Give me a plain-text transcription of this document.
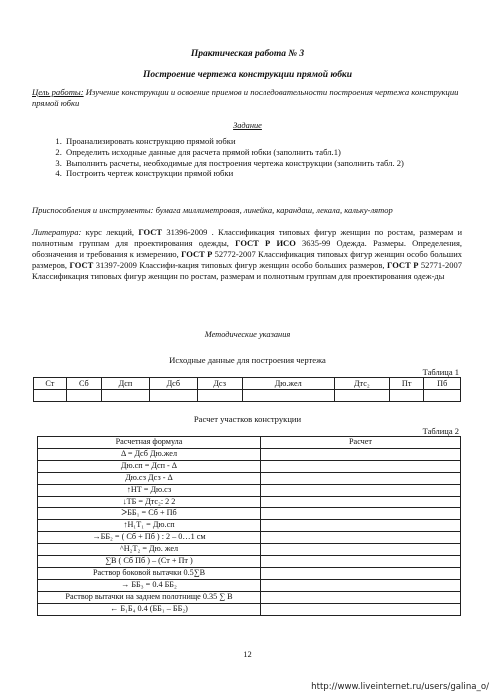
Практическая работа № 3
Построение чертежа конструкции прямой юбки
Цель работы: Изучение конструкции и освоение приемов и последовательности построения чертежа конструкции прямой юбки
Задание
1. Проанализировать конструкцию прямой юбки
2. Определить исходные данные для расчета прямой юбки (заполнить табл.1)
3. Выполнить расчеты, необходимые для построения чертежа конструкции (заполнить табл. 2)
4. Построить чертеж конструкции прямой юбки
Приспособления и инструменты: бумага миллиметровая, линейка, карандаш, лекала, кальку-лятор
Литература: курс лекций, ГОСТ 31396-2009 . Классификация типовых фигур женщин по ростам, размерам и полнотным группам для проектирования одежды, ГОСТ Р ИСО 3635-99 Одежда. Размеры. Определения, обозначения и требования к измерению, ГОСТ Р 52772-2007 Классификация типовых фигур женщин особо больших размеров, ГОСТ 31397-2009 Классифи-кация типовых фигур женщин особо больших размеров, ГОСТ Р 52771-2007 Классификация типовых фигур женщин по ростам, размерам и полнотным группам для проектирования одеж-ды
Методические указания
Исходные данные для построения чертежа
Таблица 1
Ст	Сб	Дсп	Дсб	Дсз	Дю.жел	Дтс₂	Пт	Пб

Расчет участков конструкции
Таблица 2
Расчетная формула	Расчет
Δ = Дсб Дю.жел	
Дю.сп = Дсп - Δ	
Дю.сз Дсз - Δ	
↑НТ = Дю.сз	
↓ТБ = Дтс₂: 2 2	
ᐳББ₁ = Сб + Пб	
↑Н₁Т₁ = Дю.сп	
→ББ₂ = ( Сб + Пб ) : 2 – 0…1 см	
^Н₂Т₂ = Дю. жел	
∑В ( Сб Пб ) – (Ст + Пт )	
Раствор боковой вытачки 0.5∑В	
→ ББ₃ = 0.4 ББ₂	
Раствор вытачки на заднем полотнище 0.35 ∑ В	
← Б₁Б₄ 0.4 (ББ₁ – ББ₂)	
12
http://www.liveinternet.ru/users/galina_o/
